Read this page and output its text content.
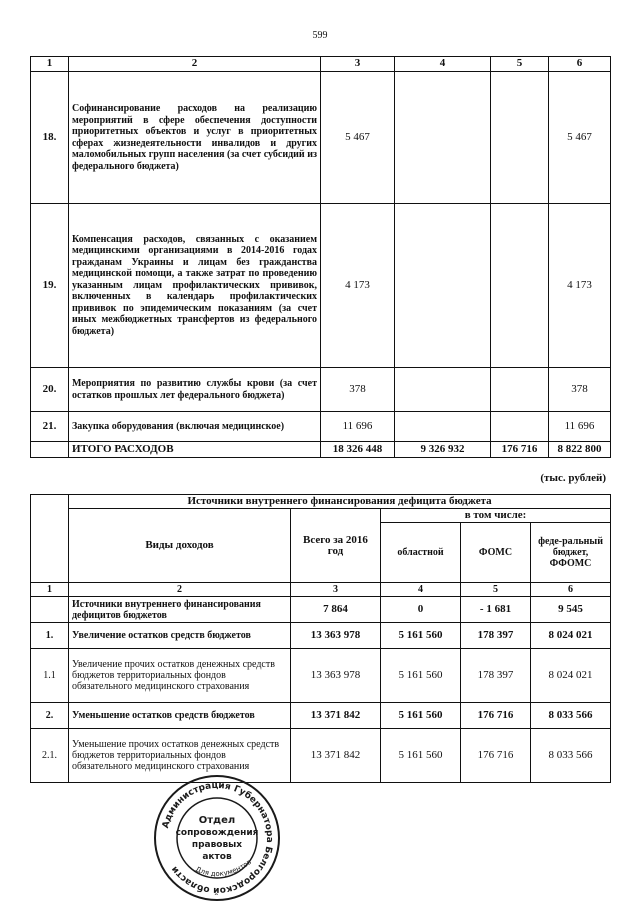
599
1	2	3	4	5	6
18.	Софинансирование расходов на реализацию мероприятий в сфере обеспечения доступности приоритетных объектов и услуг в приоритетных сферах жизнедеятельности инвалидов и других маломобильных групп населения (за счет субсидий из федерального бюджета)	5 467			5 467
19.	Компенсация расходов, связанных с оказанием медицинскими организациями в 2014-2016 годах гражданам Украины и лицам без гражданства медицинской помощи, а также затрат по проведению указанным лицам профилактических прививок, включенных в календарь профилактических прививок по эпидемическим показаниям (за счет иных межбюджетных трансфертов из федерального бюджета)	4 173			4 173
20.	Мероприятия по развитию службы крови (за счет остатков прошлых лет федерального бюджета)	378			378
21.	Закупка оборудования (включая медицинское)	11 696			11 696
	ИТОГО РАСХОДОВ	18 326 448	9 326 932	176 716	8 822 800
(тыс. рублей)
	Источники внутреннего финансирования дефицита бюджета				
	Виды доходов	Всего за 2016 год	в том числе:		
			областной	ФОМС	феде-ральный бюджет, ФФОМС
1	2	3	4	5	6
	Источники внутреннего финансирования дефицитов бюджетов	7 864	0	- 1 681	9 545
1.	Увеличение остатков средств бюджетов	13 363 978	5 161 560	178 397	8 024 021
1.1	Увеличение прочих остатков денежных средств бюджетов территориальных фондов обязательного медицинского страхования	13 363 978	5 161 560	178 397	8 024 021
2.	Уменьшение остатков средств бюджетов	13 371 842	5 161 560	176 716	8 033 566
2.1.	Уменьшение прочих остатков денежных средств бюджетов территориальных фондов обязательного медицинского страхования	13 371 842	5 161 560	176 716	8 033 566
Администрация Губернатора Белгородской области
Отдел
сопровождения
правовых
актов
Для документов
